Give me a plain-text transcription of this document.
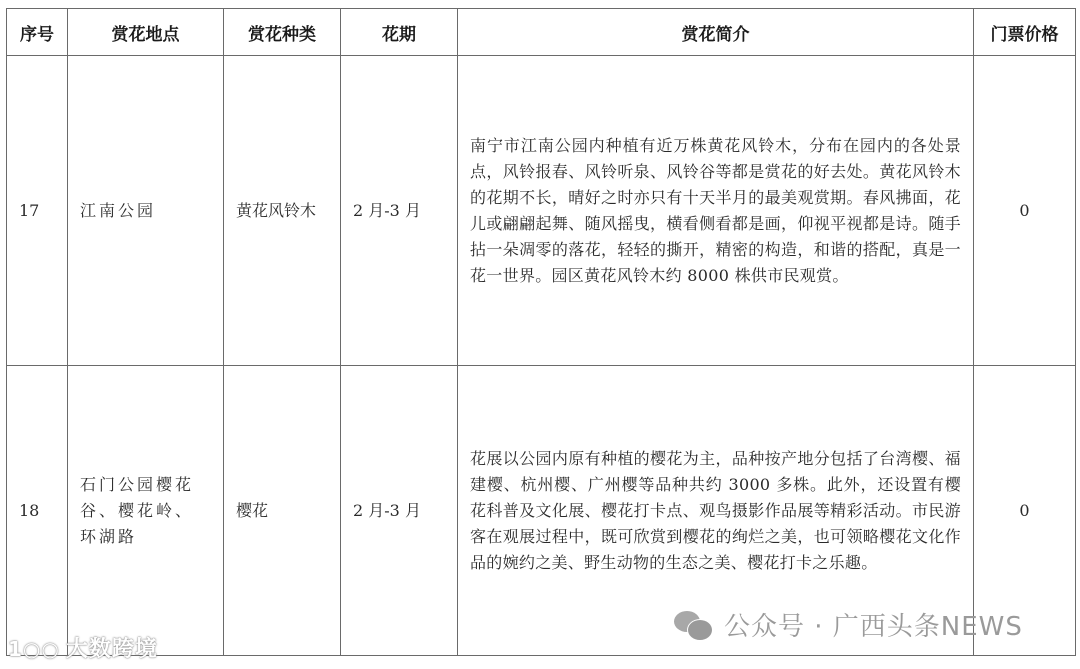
序号	赏花地点	赏花种类	花期	赏花简介	门票价格
17	江南公园	黄花风铃木	2 月-3 月	南宁市江南公园内种植有近万株黄花风铃木，分布在园内的各处景点，风铃报春、风铃听泉、风铃谷等都是赏花的好去处。黄花风铃木的花期不长，晴好之时亦只有十天半月的最美观赏期。春风拂面，花儿或翩翩起舞、随风摇曳，横看侧看都是画，仰视平视都是诗。随手拈一朵凋零的落花，轻轻的撕开，精密的构造，和谐的搭配，真是一花一世界。园区黄花风铃木约 8000 株供市民观赏。	0
18	石门公园樱花谷、樱花岭、环湖路	樱花	2 月-3 月	花展以公园内原有种植的樱花为主，品种按产地分包括了台湾樱、福建樱、杭州樱、广州樱等品种共约 3000 多株。此外，还设置有樱花科普及文化展、樱花打卡点、观鸟摄影作品展等精彩活动。市民游客在观展过程中，既可欣赏到樱花的绚烂之美，也可领略樱花文化作品的婉约之美、野生动物的生态之美、樱花打卡之乐趣。	0
1○○ 大数跨境
公众号 · 广西头条NEWS
